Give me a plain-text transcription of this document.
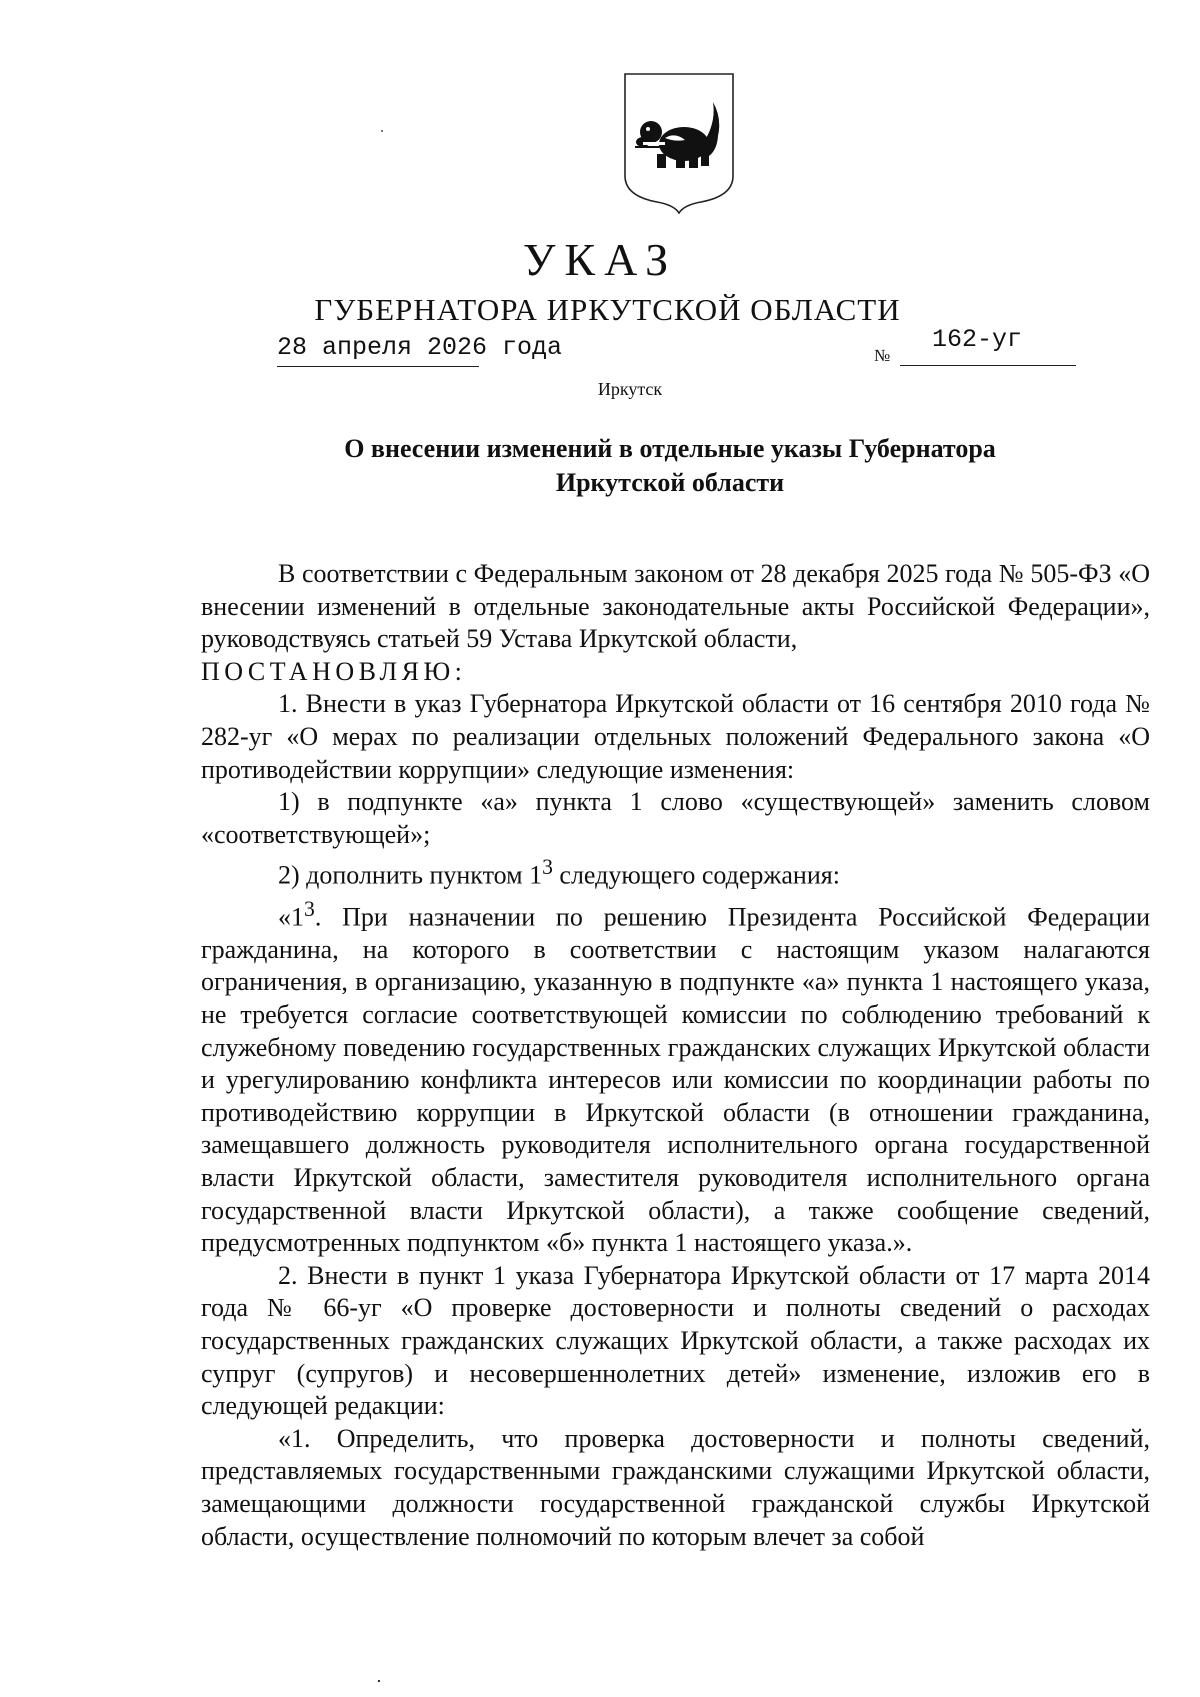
УКАЗ
ГУБЕРНАТОРА ИРКУТСКОЙ ОБЛАСТИ
28 апреля 2026 года	№
162-уг
Иркутск
О внесении изменений в отдельные указы Губернатора
Иркутской области

В соответствии с Федеральным законом от 28 декабря 2025 года № 505-ФЗ «О внесении изменений в отдельные законодательные акты Российской Федерации», руководствуясь статьей 59 Устава Иркутской области,

ПОСТАНОВЛЯЮ:

1. Внести в указ Губернатора Иркутской области от 16 сентября 2010 года № 282-уг «О мерах по реализации отдельных положений Федерального закона «О противодействии коррупции» следующие изменения:

1) в подпункте «а» пункта 1 слово «существующей» заменить словом «соответствующей»;

2) дополнить пунктом $1^3$ следующего содержания:

«$1^3$. При назначении по решению Президента Российской Федерации гражданина, на которого в соответствии с настоящим указом налагаются ограничения, в организацию, указанную в подпункте «а» пункта 1 настоящего указа, не требуется согласие соответствующей комиссии по соблюдению требований к служебному поведению государственных гражданских служащих Иркутской области и урегулированию конфликта интересов или комиссии по координации работы по противодействию коррупции в Иркутской области (в отношении гражданина, замещавшего должность руководителя исполнительного органа государственной власти Иркутской области, заместителя руководителя исполнительного органа государственной власти Иркутской области), а также сообщение сведений, предусмотренных подпунктом «б» пункта 1 настоящего указа.».

2. Внести в пункт 1 указа Губернатора Иркутской области от 17 марта 2014 года № 66-уг «О проверке достоверности и полноты сведений о расходах государственных гражданских служащих Иркутской области, а также расходах их супруг (супругов) и несовершеннолетних детей» изменение, изложив его в следующей редакции:

«1. Определить, что проверка достоверности и полноты сведений, представляемых государственными гражданскими служащими Иркутской области, замещающими должности государственной гражданской службы Иркутской области, осуществление полномочий по которым влечет за собой
